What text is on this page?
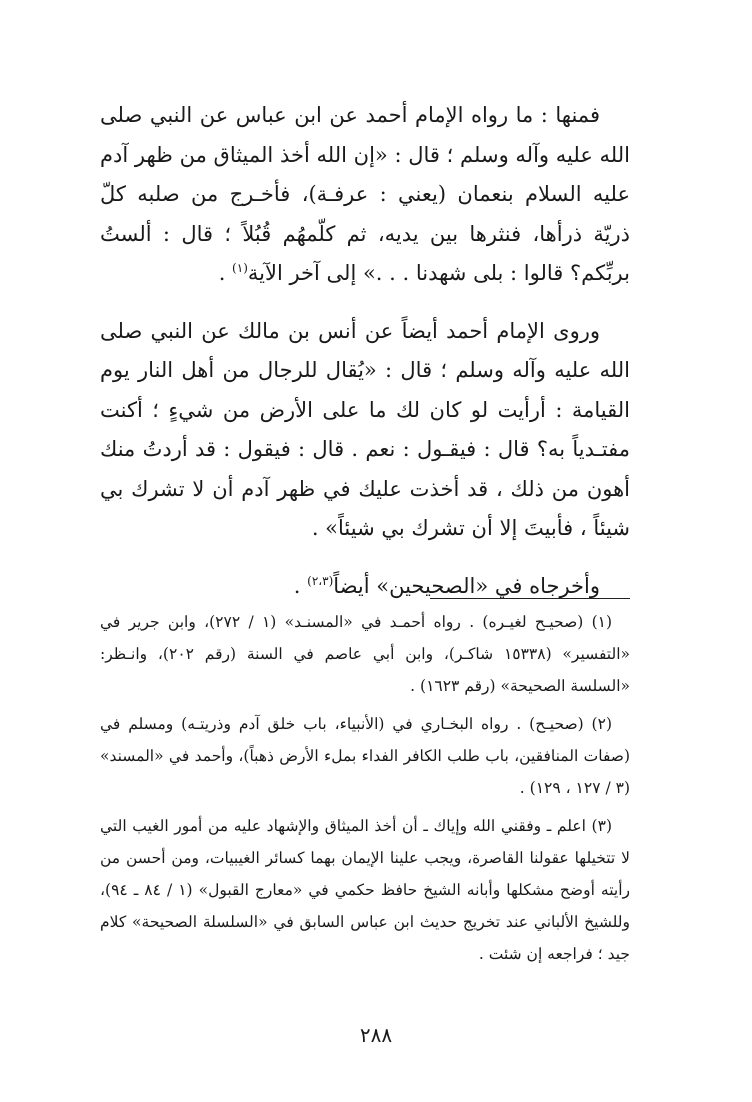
فمنها : ما رواه الإمام أحمد عن ابن عباس عن النبي صلى الله عليه وآله وسلم ؛ قال : «إن الله أخذ الميثاق من ظهر آدم عليه السلام بنعمان (يعني : عرفـة)، فأخـرج من صلبه كلّ ذريّة ذرأها، فنثرها بين يديه، ثم كلّمهُم قُبُلاً ؛ قال : ألستُ بربِّكم؟ قالوا : بلى شهدنا . . .» إلى آخر الآية$^{(١)}$ .

وروى الإمام أحمد أيضاً عن أنس بن مالك عن النبي صلى الله عليه وآله وسلم ؛ قال : «يُقال للرجال من أهل النار يوم القيامة : أرأيت لو كان لك ما على الأرض من شيءٍ ؛ أكنت مفتـدياً به؟ قال : فيقـول : نعم . قال : فيقول : قد أردتُ منك أهون من ذلك ، قد أخذت عليك في ظهر آدم أن لا تشرك بي شيئاً ، فأبيتَ إلا أن تشرك بي شيئاً» .

وأخرجاه في «الصحيحين» أيضاً$^{(٢،٣)}$ .

(١) (صحيـح لغيـره) . رواه أحمـد في «المسنـد» (١ / ٢٧٢)، وابن جرير في «التفسير» (١٥٣٣٨ شاكـر)، وابن أبي عاصم في السنة (رقم ٢٠٢)، وانـظر: «السلسة الصحيحة» (رقم ١٦٢٣) .

(٢) (صحيـح) . رواه البخـاري في (الأنبياء، باب خلق آدم وذريتـه) ومسلم في (صفات المنافقين، باب طلب الكافر الفداء بملء الأرض ذهباً)، وأحمد في «المسند» (٣ / ١٢٧ ، ١٢٩) .

(٣) اعلم ـ وفقني الله وإياك ـ أن أخذ الميثاق والإشهاد عليه من أمور الغيب التي لا تتخيلها عقولنا القاصرة، ويجب علينا الإيمان بهما كسائر الغيبيات، ومن أحسن من رأيته أوضح مشكلها وأبانه الشيخ حافظ حكمي في «معارج القبول» (١ / ٨٤ ـ ٩٤)، وللشيخ الألباني عند تخريج حديث ابن عباس السابق في «السلسلة الصحيحة» كلام جيد ؛ فراجعه إن شئت .

٢٨٨
